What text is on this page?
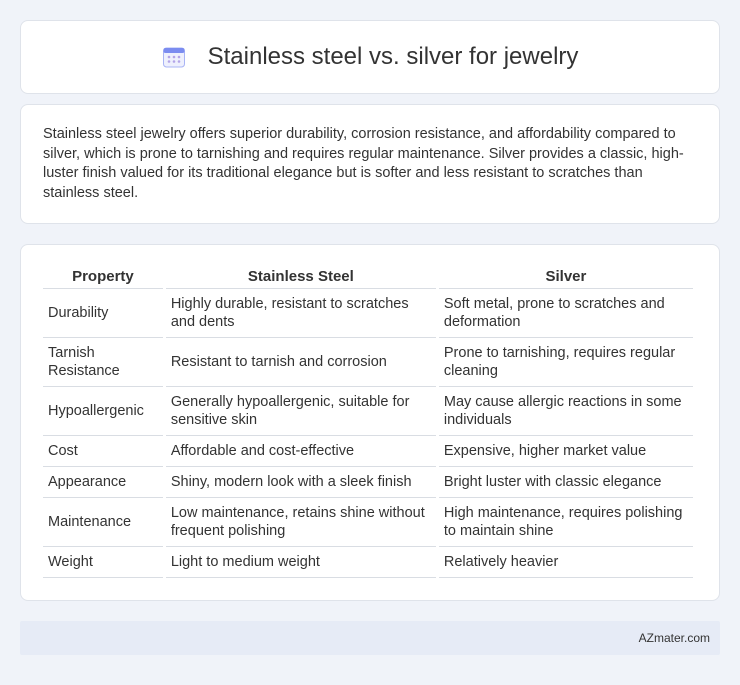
Stainless steel vs. silver for jewelry

Stainless steel jewelry offers superior durability, corrosion resistance, and affordability compared to silver, which is prone to tarnishing and requires regular maintenance. Silver provides a classic, high-luster finish valued for its traditional elegance but is softer and less resistant to scratches than stainless steel.

Property	Stainless Steel	Silver
Durability	Highly durable, resistant to scratches and dents	Soft metal, prone to scratches and deformation
Tarnish Resistance	Resistant to tarnish and corrosion	Prone to tarnishing, requires regular cleaning
Hypoallergenic	Generally hypoallergenic, suitable for sensitive skin	May cause allergic reactions in some individuals
Cost	Affordable and cost-effective	Expensive, higher market value
Appearance	Shiny, modern look with a sleek finish	Bright luster with classic elegance
Maintenance	Low maintenance, retains shine without frequent polishing	High maintenance, requires polishing to maintain shine
Weight	Light to medium weight	Relatively heavier
AZmater.com
